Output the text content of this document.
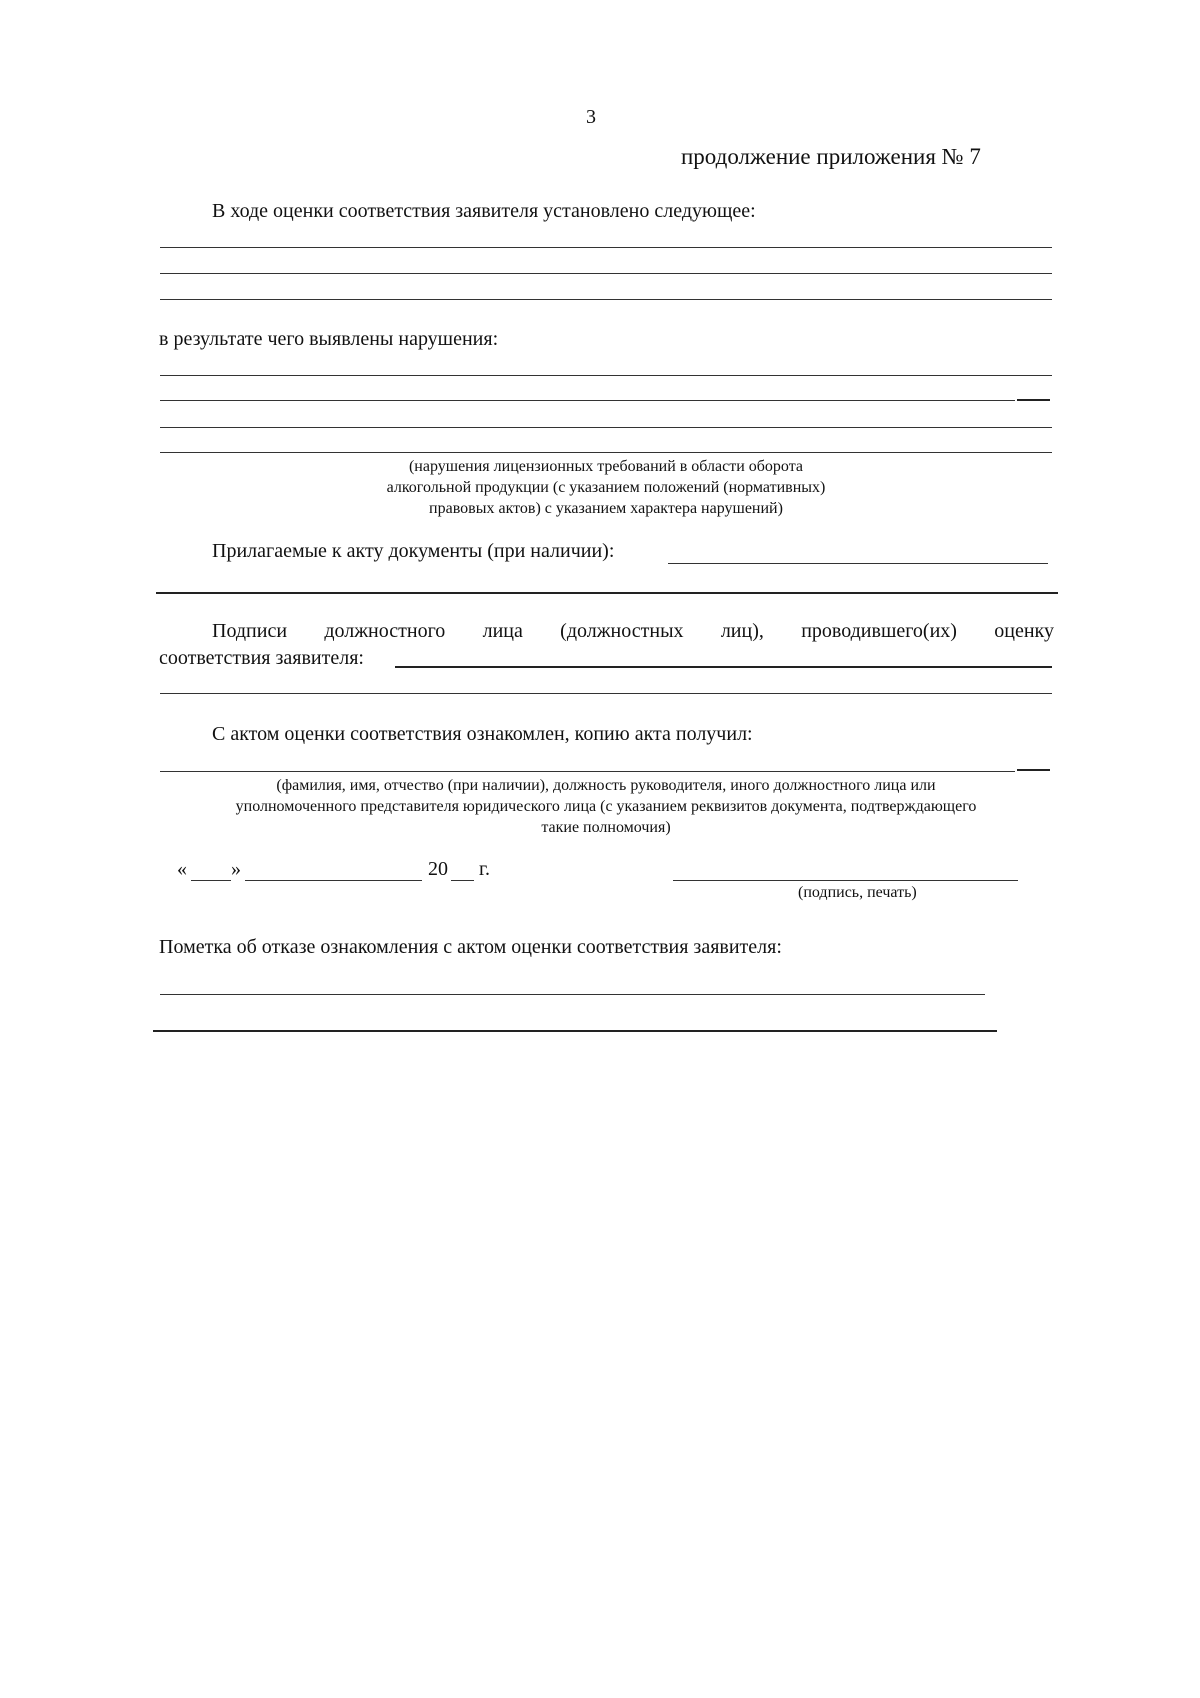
3
продолжение приложения № 7
В ходе оценки соответствия заявителя установлено следующее:
в результате чего выявлены нарушения:
(нарушения лицензионных требований в области оборота
алкогольной продукции (с указанием положений (нормативных)
правовых актов) с указанием характера нарушений)
Прилагаемые к акту документы (при наличии):
Подписи должностного лица (должностных лиц), проводившего(их) оценку
соответствия заявителя:
С актом оценки соответствия ознакомлен, копию акта получил:
(фамилия, имя, отчество (при наличии), должность руководителя, иного должностного лица или
уполномоченного представителя юридического лица (с указанием реквизитов документа, подтверждающего
такие полномочия)
« »	20 г.
(подпись, печать)
Пометка об отказе ознакомления с актом оценки соответствия заявителя:
